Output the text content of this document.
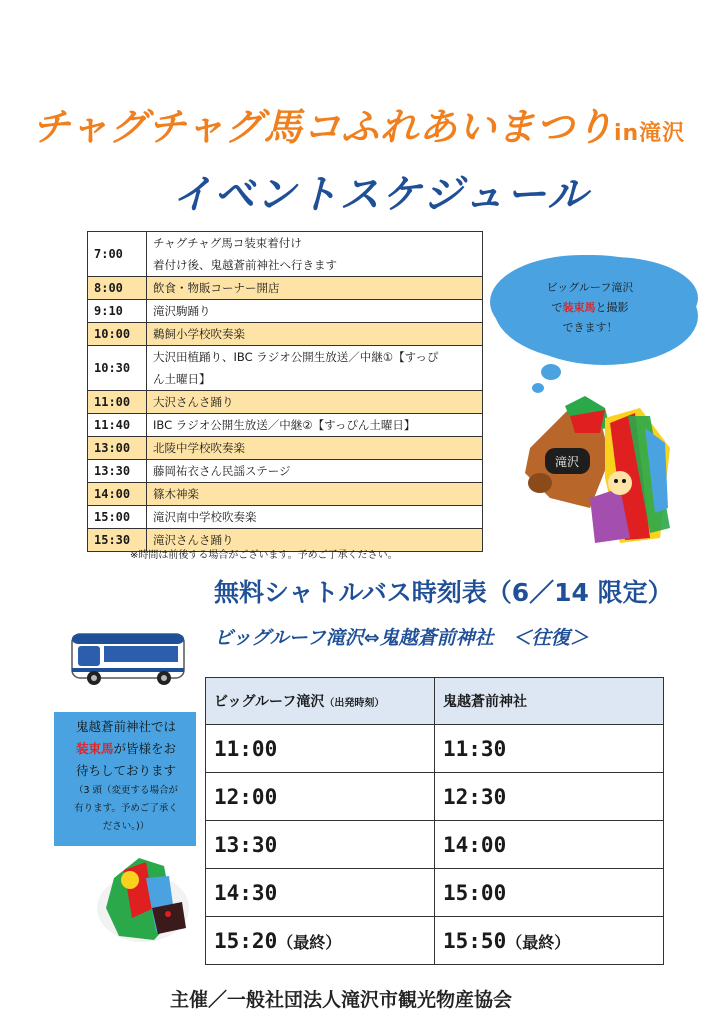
チャグチャグ馬コふれあいまつりin滝沢
イベントスケジュール
7:00	チャグチャグ馬コ装束着付け
着付け後、鬼越蒼前神社へ行きます

8:00	飲食・物販コーナー開店

9:10	滝沢駒踊り

10:00	鵜飼小学校吹奏楽

10:30	大沢田植踊り、IBC ラジオ公開生放送／中継①【すっぴ
ん土曜日】

11:00	大沢さんさ踊り

11:40	IBC ラジオ公開生放送／中継②【すっぴん土曜日】

13:00	北陵中学校吹奏楽

13:30	藤岡祐衣さん民謡ステージ

14:00	篠木神楽

15:00	滝沢南中学校吹奏楽

15:30	滝沢さんさ踊り
※時間は前後する場合がございます。予めご了承ください。
ビッグルーフ滝沢
で装束馬と撮影
できます！
滝沢
無料シャトルバス時刻表（6／14 限定）
ビッグルーフ滝沢⇔鬼越蒼前神社　＜往復＞
ビッグルーフ滝沢（出発時刻）	鬼越蒼前神社
11:00	11:30
12:00	12:30
13:30	14:00
14:30	15:00
15:20（最終）	15:50（最終）
鬼越蒼前神社では
装束馬が皆様をお
待ちしております
（3 頭（変更する場合が
有ります。予めご了承く
ださい。)）
主催／一般社団法人滝沢市観光物産協会
